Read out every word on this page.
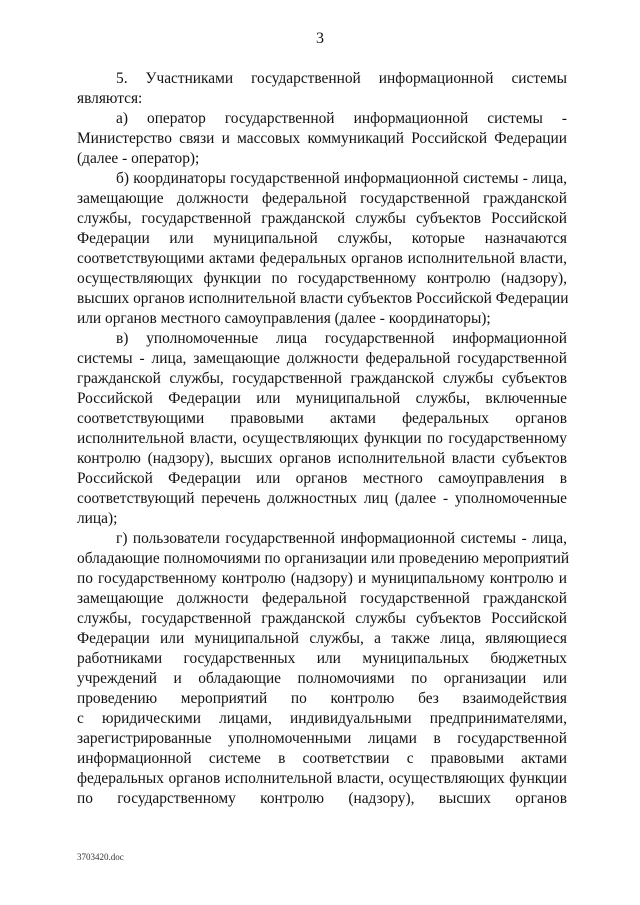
3
5. Участниками государственной информационной системы
являются:
а) оператор государственной информационной системы -
Министерство связи и массовых коммуникаций Российской Федерации
(далее - оператор);
б) координаторы государственной информационной системы - лица,
замещающие должности федеральной государственной гражданской
службы, государственной гражданской службы субъектов Российской
Федерации или муниципальной службы, которые назначаются
соответствующими актами федеральных органов исполнительной власти,
осуществляющих функции по государственному контролю (надзору),
высших органов исполнительной власти субъектов Российской Федерации
или органов местного самоуправления (далее - координаторы);
в) уполномоченные лица государственной информационной
системы - лица, замещающие должности федеральной государственной
гражданской службы, государственной гражданской службы субъектов
Российской Федерации или муниципальной службы, включенные
соответствующими правовыми актами федеральных органов
исполнительной власти, осуществляющих функции по государственному
контролю (надзору), высших органов исполнительной власти субъектов
Российской Федерации или органов местного самоуправления в
соответствующий перечень должностных лиц (далее - уполномоченные
лица);
г) пользователи государственной информационной системы - лица,
обладающие полномочиями по организации или проведению мероприятий
по государственному контролю (надзору) и муниципальному контролю и
замещающие должности федеральной государственной гражданской
службы, государственной гражданской службы субъектов Российской
Федерации или муниципальной службы, а также лица, являющиеся
работниками государственных или муниципальных бюджетных
учреждений и обладающие полномочиями по организации или
проведению мероприятий по контролю без взаимодействия
с юридическими лицами, индивидуальными предпринимателями,
зарегистрированные уполномоченными лицами в государственной
информационной системе в соответствии с правовыми актами
федеральных органов исполнительной власти, осуществляющих функции
по государственному контролю (надзору), высших органов
3703420.doc
